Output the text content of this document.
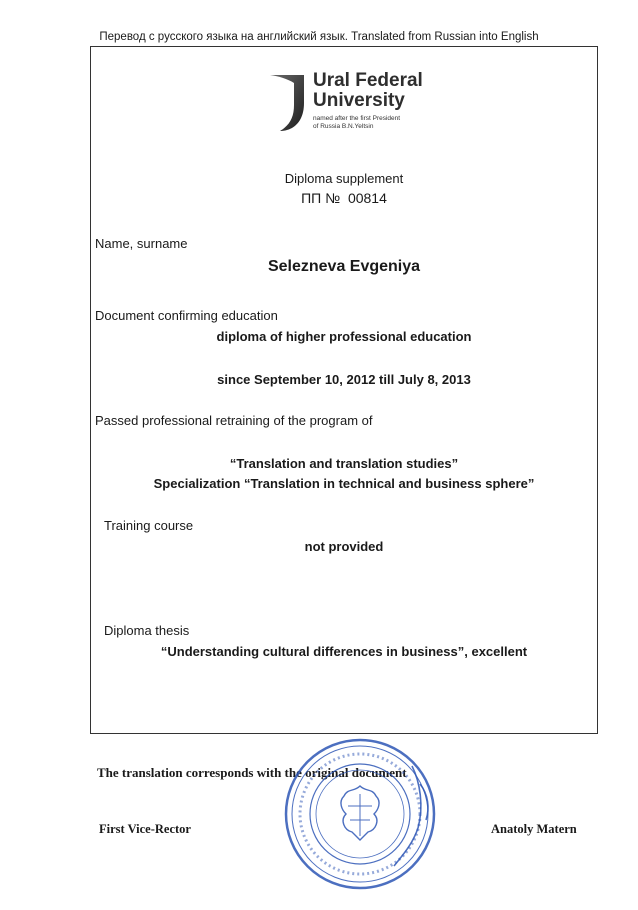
Перевод с русского языка на английский язык. Translated from Russian into English
Ural Federal
University
named after the first President
of Russia B.N.Yeltsin
Diploma supplement
ПП № 00814
Name, surname
Selezneva Evgeniya
Document confirming education
diploma of higher professional education
since September 10, 2012 till July 8, 2013
Passed professional retraining of the program of
“Translation and translation studies”
Specialization “Translation in technical and business sphere”
Training course
not provided
Diploma thesis
“Understanding cultural differences in business”, excellent
The translation corresponds with the original document
First Vice-Rector	Anatoly Matern
